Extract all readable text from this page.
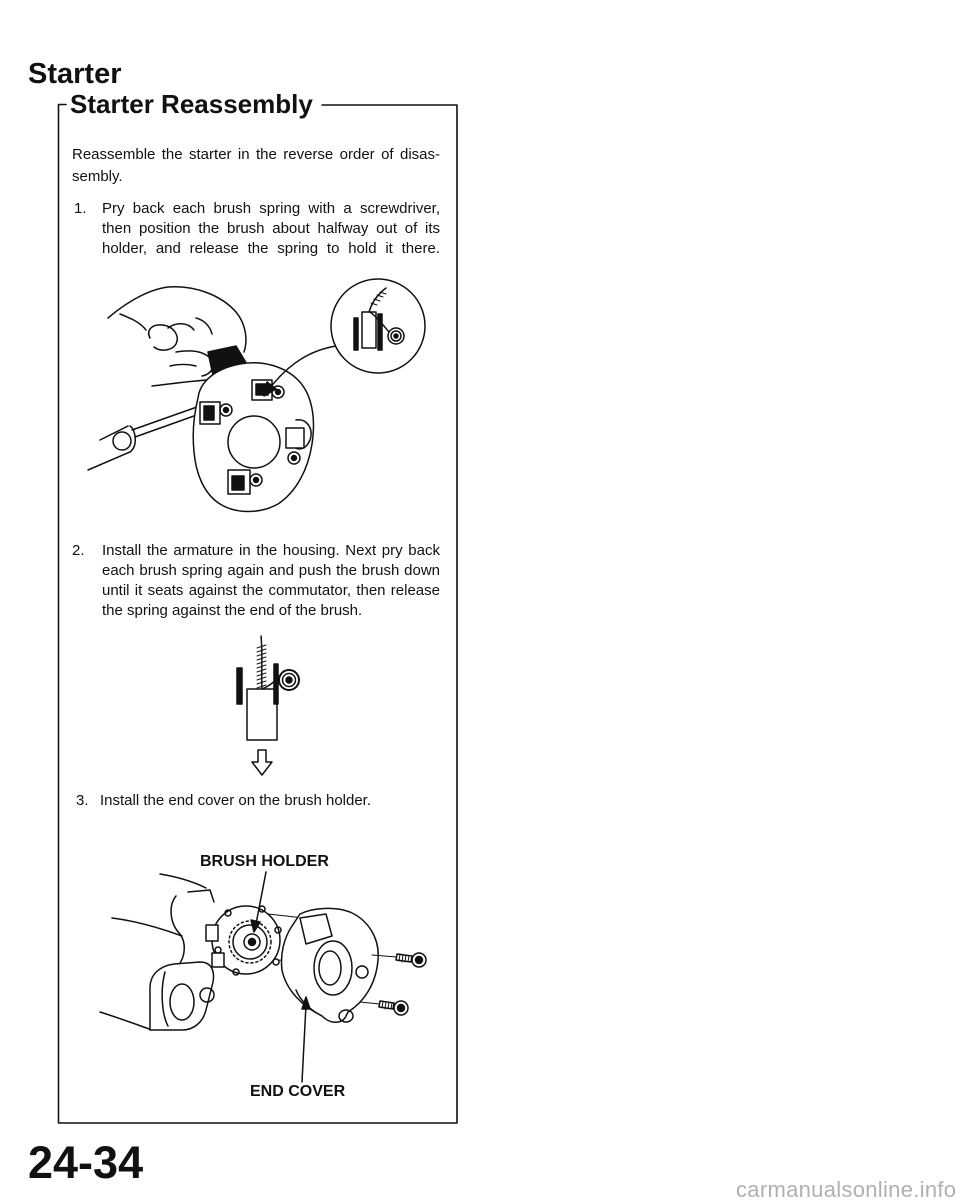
Starter
Starter Reassembly
Reassemble the starter in the reverse order of disas-
sembly.
1. Pry back each brush spring with a screwdriver,
then position the brush about halfway out of its
holder, and release the spring to hold it there.
2. Install the armature in the housing. Next pry back
each brush spring again and push the brush down
until it seats against the commutator, then release
the spring against the end of the brush.
3. Install the end cover on the brush holder.
BRUSH HOLDER
END COVER
24-34
carmanualsonline.info
